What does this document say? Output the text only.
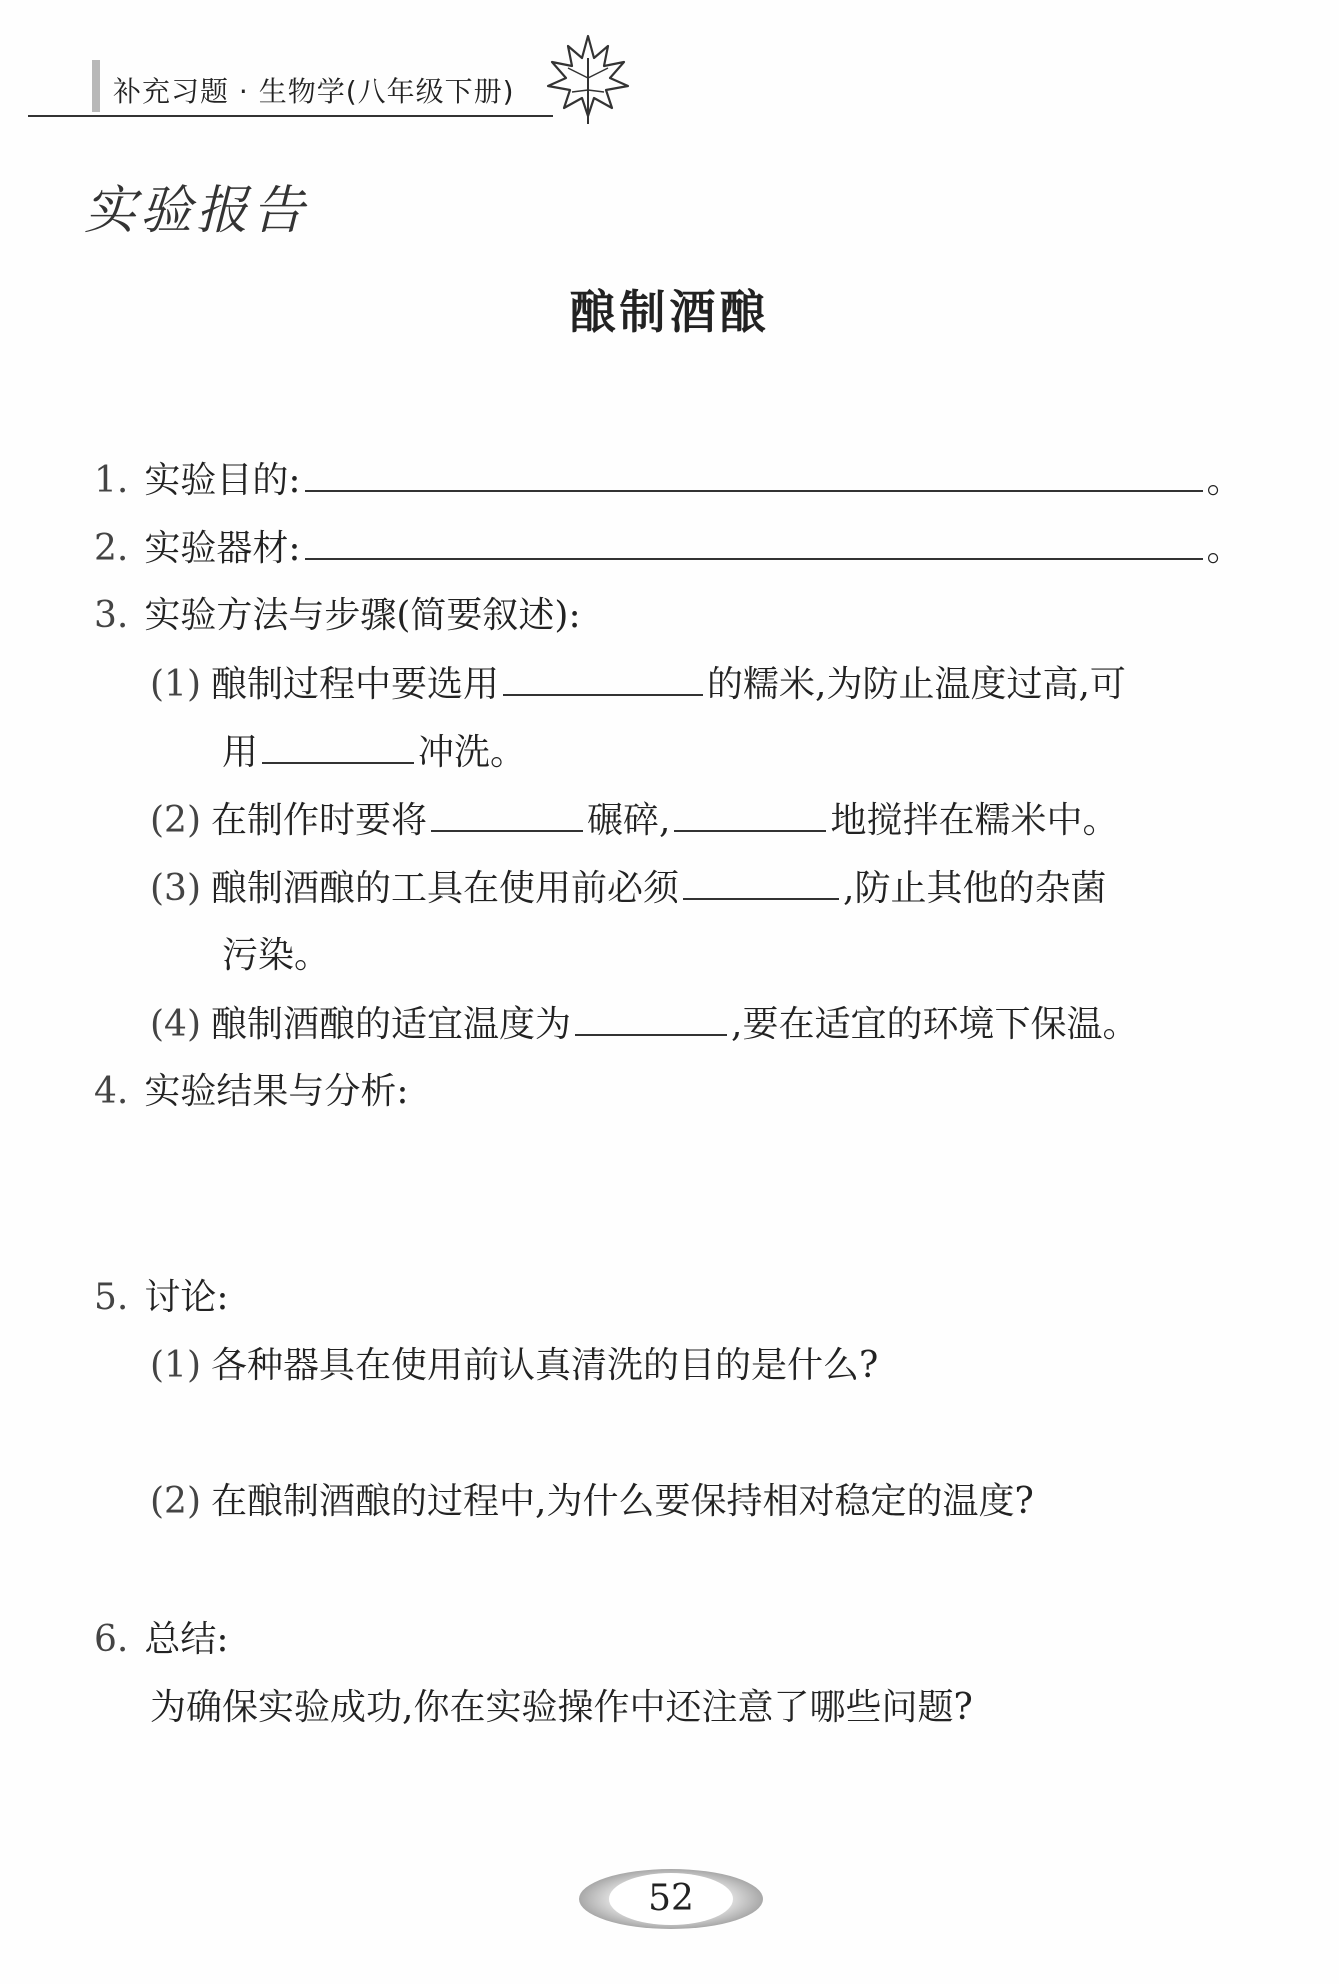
补充习题 · 生物学(八年级下册)
实验报告
酿制酒酿
1. 实验目的:	。
2. 实验器材:	。
3. 实验方法与步骤(简要叙述):
(1) 酿制过程中要选用	的糯米,为防止温度过高,可
用	冲洗。
(2) 在制作时要将	碾碎,	地搅拌在糯米中。
(3) 酿制酒酿的工具在使用前必须	,防止其他的杂菌
污染。
(4) 酿制酒酿的适宜温度为	,要在适宜的环境下保温。
4. 实验结果与分析:
5. 讨论:
(1) 各种器具在使用前认真清洗的目的是什么?
(2) 在酿制酒酿的过程中,为什么要保持相对稳定的温度?
6. 总结:
为确保实验成功,你在实验操作中还注意了哪些问题?
52
